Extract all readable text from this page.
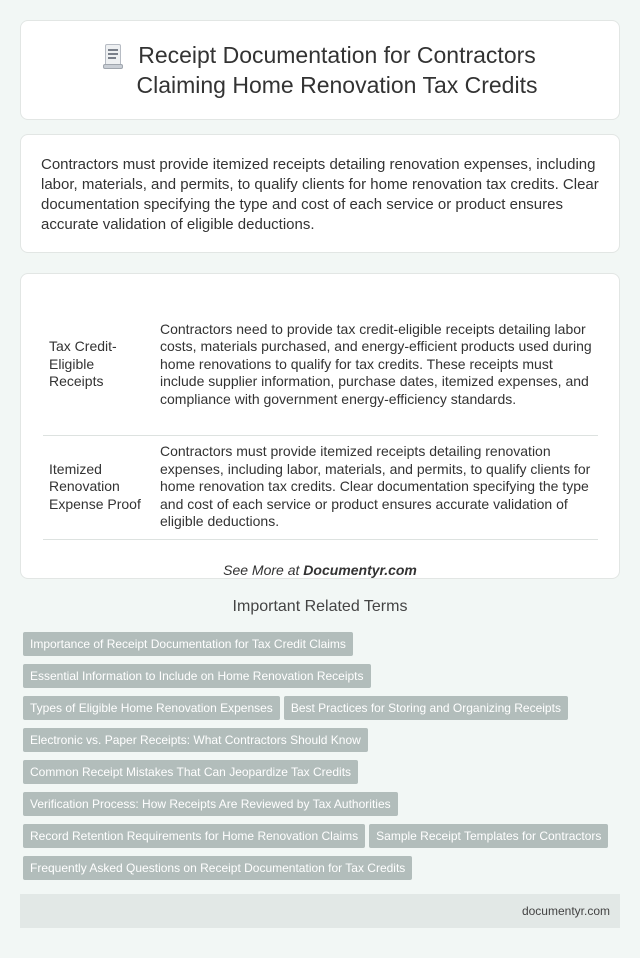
Receipt Documentation for Contractors
Claiming Home Renovation Tax Credits

Contractors must provide itemized receipts detailing renovation expenses, including labor, materials, and permits, to qualify clients for home renovation tax credits. Clear documentation specifying the type and cost of each service or product ensures accurate validation of eligible deductions.

Tax Credit-Eligible Receipts	Contractors need to provide tax credit-eligible receipts detailing labor costs, materials purchased, and energy-efficient products used during home renovations to qualify for tax credits. These receipts must include supplier information, purchase dates, itemized expenses, and compliance with government energy-efficiency standards.
Itemized Renovation Expense Proof	Contractors must provide itemized receipts detailing renovation expenses, including labor, materials, and permits, to qualify clients for home renovation tax credits. Clear documentation specifying the type and cost of each service or product ensures accurate validation of eligible deductions.
See More at Documentyr.com
Important Related Terms
Importance of Receipt Documentation for Tax Credit Claims
Essential Information to Include on Home Renovation Receipts
Types of Eligible Home Renovation Expenses Best Practices for Storing and Organizing Receipts
Electronic vs. Paper Receipts: What Contractors Should Know
Common Receipt Mistakes That Can Jeopardize Tax Credits
Verification Process: How Receipts Are Reviewed by Tax Authorities
Record Retention Requirements for Home Renovation Claims Sample Receipt Templates for Contractors
Frequently Asked Questions on Receipt Documentation for Tax Credits
documentyr.com
